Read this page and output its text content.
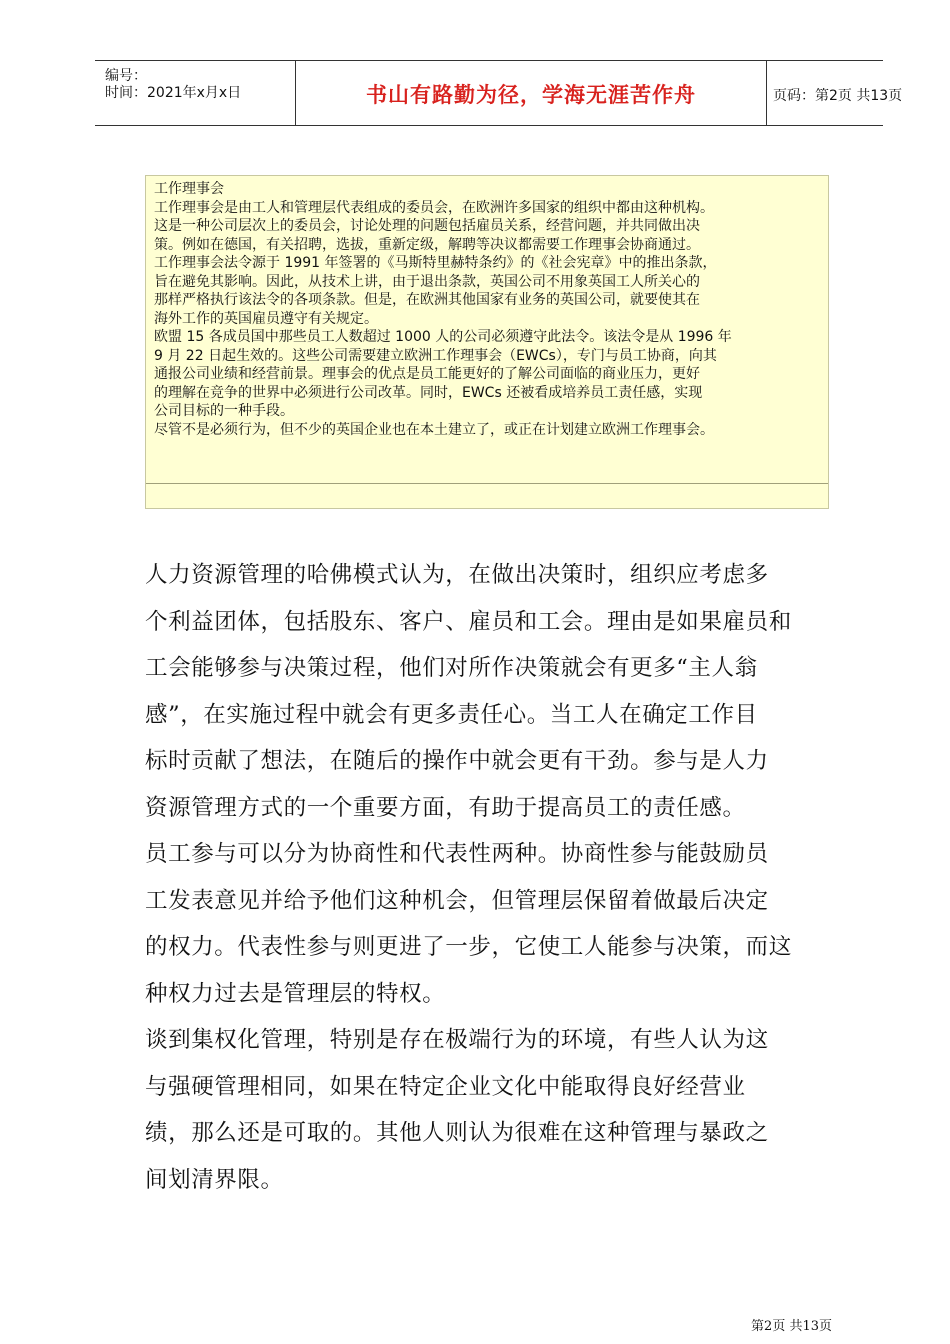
编号：
时间：2021年x月x日	书山有路勤为径，学海无涯苦作舟	页码：第2页 共13页
工作理事会
工作理事会是由工人和管理层代表组成的委员会，在欧洲许多国家的组织中都由这种机构。
这是一种公司层次上的委员会，讨论处理的问题包括雇员关系，经营问题，并共同做出决
策。例如在德国，有关招聘，选拔，重新定级，解聘等决议都需要工作理事会协商通过。
工作理事会法令源于 1991 年签署的《马斯特里赫特条约》的《社会宪章》中的推出条款，
旨在避免其影响。因此，从技术上讲，由于退出条款，英国公司不用象英国工人所关心的
那样严格执行该法令的各项条款。但是，在欧洲其他国家有业务的英国公司，就要使其在
海外工作的英国雇员遵守有关规定。
欧盟 15 各成员国中那些员工人数超过 1000 人的公司必须遵守此法令。该法令是从 1996 年
9 月 22 日起生效的。这些公司需要建立欧洲工作理事会（EWCs），专门与员工协商，向其
通报公司业绩和经营前景。理事会的优点是员工能更好的了解公司面临的商业压力，更好
的理解在竞争的世界中必须进行公司改革。同时，EWCs 还被看成培养员工责任感，实现
公司目标的一种手段。
尽管不是必须行为，但不少的英国企业也在本土建立了，或正在计划建立欧洲工作理事会。
人力资源管理的哈佛模式认为，在做出决策时，组织应考虑多
个利益团体，包括股东、客户、雇员和工会。理由是如果雇员和
工会能够参与决策过程，他们对所作决策就会有更多“主人翁
感”，在实施过程中就会有更多责任心。当工人在确定工作目
标时贡献了想法，在随后的操作中就会更有干劲。参与是人力
资源管理方式的一个重要方面，有助于提高员工的责任感。
员工参与可以分为协商性和代表性两种。协商性参与能鼓励员
工发表意见并给予他们这种机会，但管理层保留着做最后决定
的权力。代表性参与则更进了一步，它使工人能参与决策，而这
种权力过去是管理层的特权。
谈到集权化管理，特别是存在极端行为的环境，有些人认为这
与强硬管理相同，如果在特定企业文化中能取得良好经营业
绩，那么还是可取的。其他人则认为很难在这种管理与暴政之
间划清界限。
第2页 共13页
